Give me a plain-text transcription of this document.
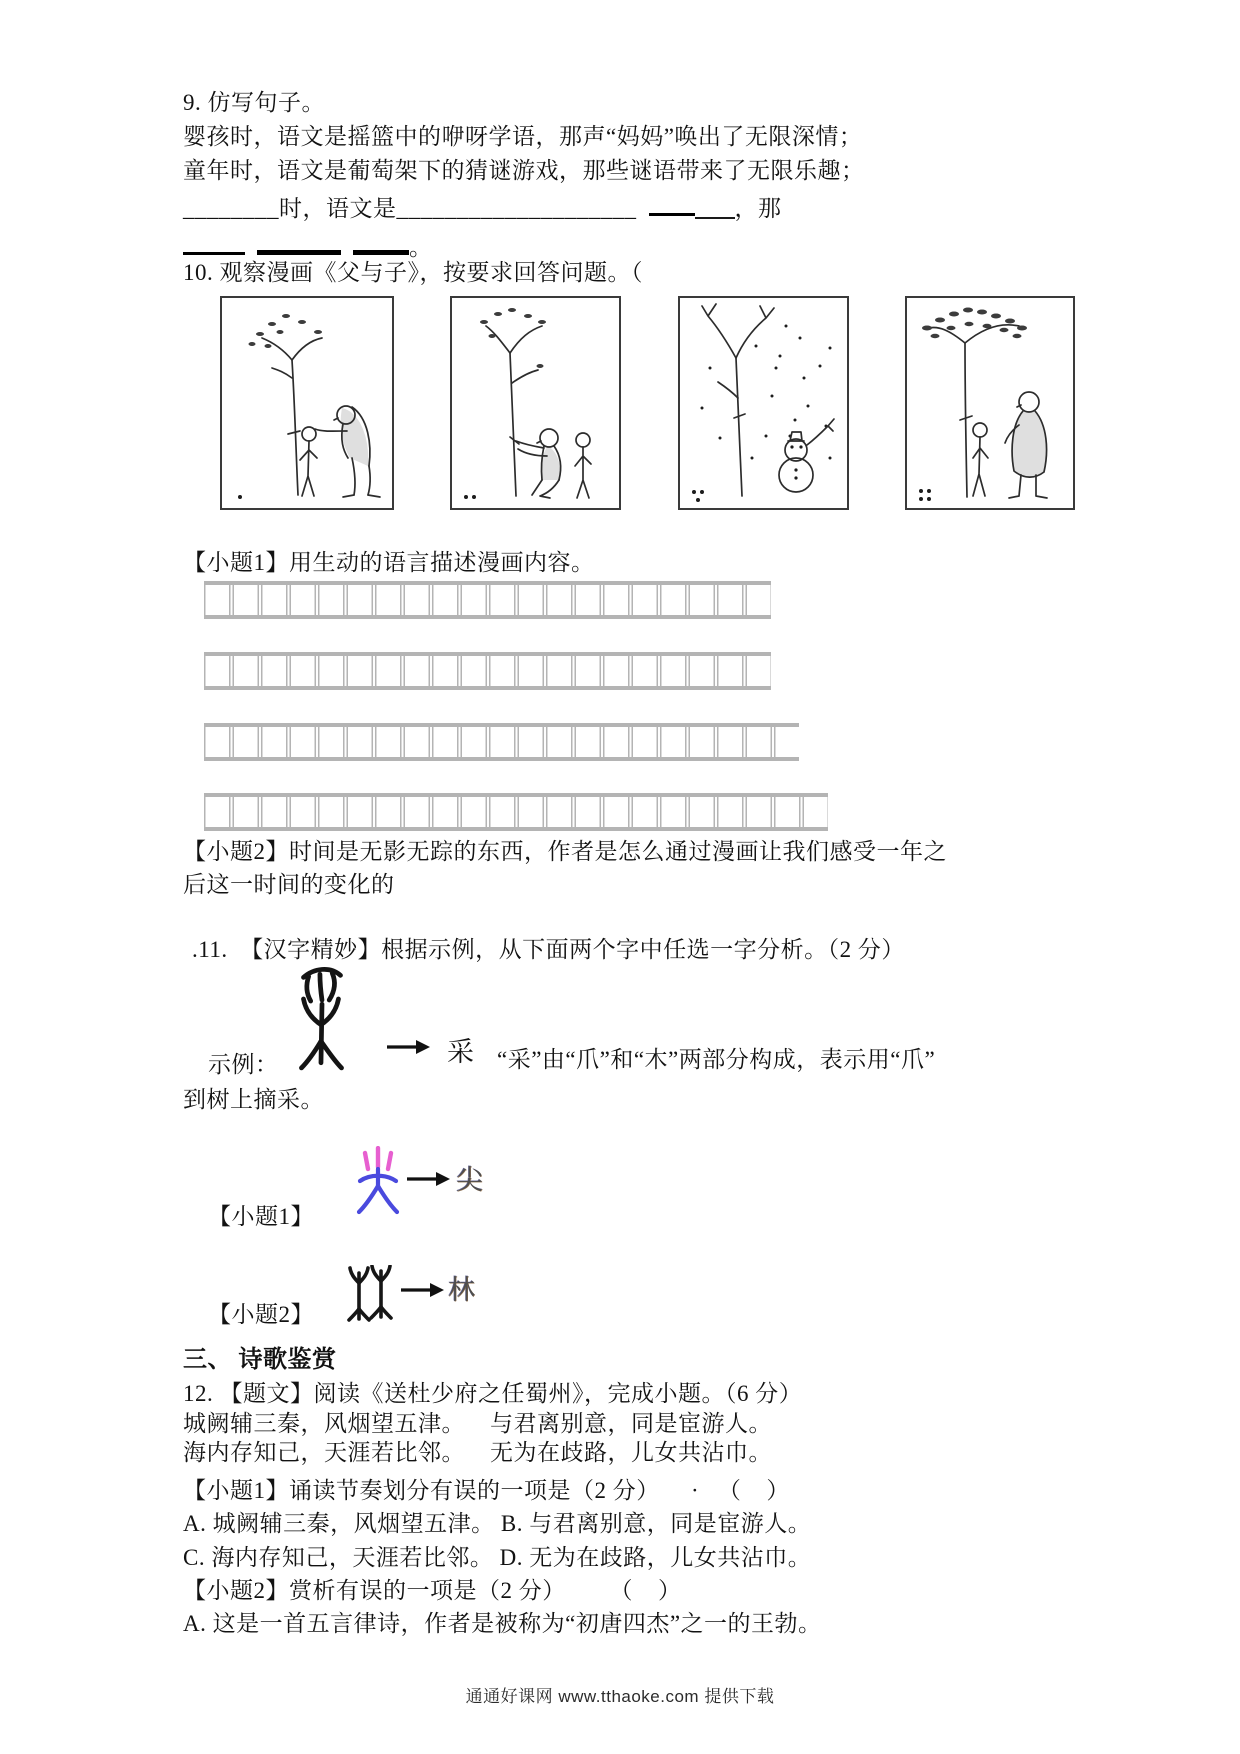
9. 仿写句子。
婴孩时，语文是摇篮中的咿呀学语，那声“妈妈”唤出了无限深情；
童年时，语文是葡萄架下的猜谜游戏，那些谜语带来了无限乐趣；
________时，语文是____________________	，那
。
10. 观察漫画《父与子》，按要求回答问题。（
【小题1】用生动的语言描述漫画内容。
【小题2】时间是无影无踪的东西，作者是怎么通过漫画让我们感受一年之
后这一时间的变化的
.11.  【汉字精妙】根据示例，从下面两个字中任选一字分析。（2 分）
示例：	采 “采”由“爪”和“木”两部分构成，表示用“爪”
到树上摘采。
尖
【小题1】
林
【小题2】
三、 诗歌鉴赏
12. 【题文】阅读《送杜少府之任蜀州》，完成小题。（6 分）
城阙辅三秦，风烟望五津。    与君离别意，同是宦游人。
海内存知己，天涯若比邻。    无为在歧路，儿女共沾巾。
【小题1】诵读节奏划分有误的一项是（2 分）     ·   （    ）
A. 城阙辅三秦，风烟望五津。 B. 与君离别意，同是宦游人。
C. 海内存知己，天涯若比邻。 D. 无为在歧路，儿女共沾巾。
【小题2】赏析有误的一项是（2 分）       （    ）
A. 这是一首五言律诗，作者是被称为“初唐四杰”之一的王勃。
通通好课网 www.tthaoke.com 提供下载
